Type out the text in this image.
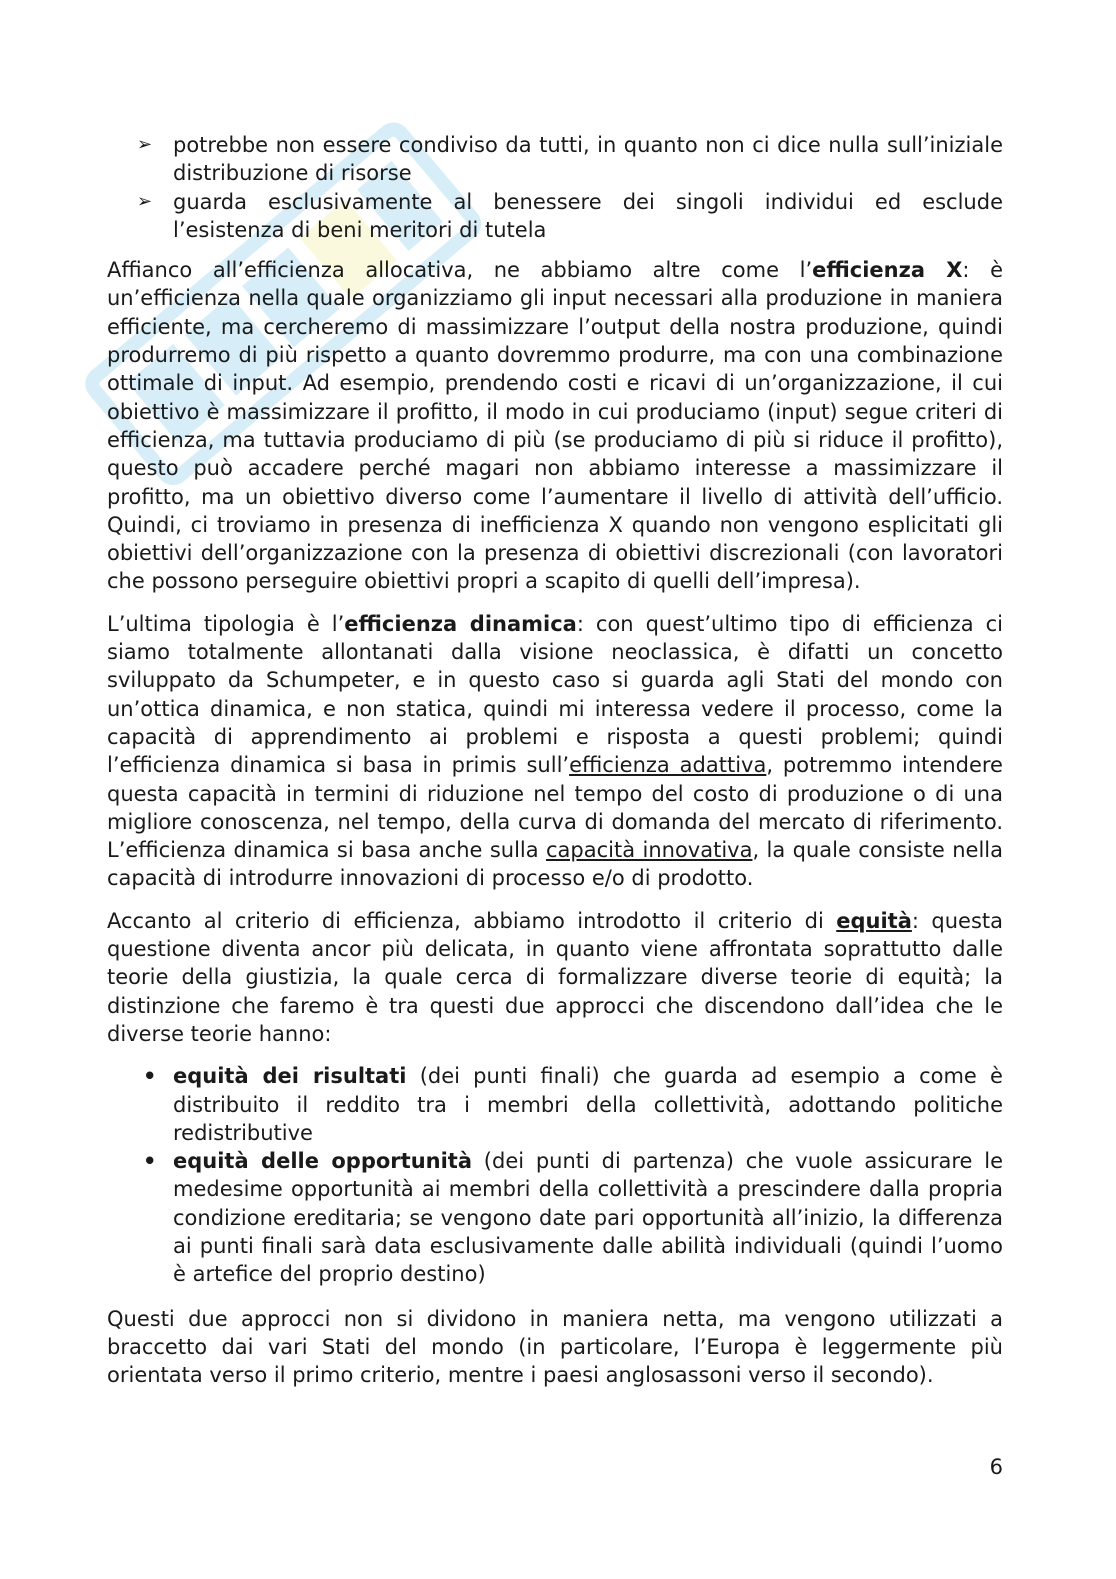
➢ potrebbe non essere condiviso da tutti, in quanto non ci dice nulla sull’iniziale distribuzione di risorse
➢ guarda esclusivamente al benessere dei singoli individui ed esclude l’esistenza di beni meritori di tutela

Affianco all’efficienza allocativa, ne abbiamo altre come l’efficienza X: è un’efficienza nella quale organizziamo gli input necessari alla produzione in maniera efficiente, ma cercheremo di massimizzare l’output della nostra produzione, quindi produrremo di più rispetto a quanto dovremmo produrre, ma con una combinazione ottimale di input. Ad esempio, prendendo costi e ricavi di un’organizzazione, il cui obiettivo è massimizzare il profitto, il modo in cui produciamo (input) segue criteri di efficienza, ma tuttavia produciamo di più (se produciamo di più si riduce il profitto), questo può accadere perché magari non abbiamo interesse a massimizzare il profitto, ma un obiettivo diverso come l’aumentare il livello di attività dell’ufficio. Quindi, ci troviamo in presenza di inefficienza X quando non vengono esplicitati gli obiettivi dell’organizzazione con la presenza di obiettivi discrezionali (con lavoratori che possono perseguire obiettivi propri a scapito di quelli dell’impresa).

L’ultima tipologia è l’efficienza dinamica: con quest’ultimo tipo di efficienza ci siamo totalmente allontanati dalla visione neoclassica, è difatti un concetto sviluppato da Schumpeter, e in questo caso si guarda agli Stati del mondo con un’ottica dinamica, e non statica, quindi mi interessa vedere il processo, come la capacità di apprendimento ai problemi e risposta a questi problemi; quindi l’efficienza dinamica si basa in primis sull’efficienza adattiva, potremmo intendere questa capacità in termini di riduzione nel tempo del costo di produzione o di una migliore conoscenza, nel tempo, della curva di domanda del mercato di riferimento. L’efficienza dinamica si basa anche sulla capacità innovativa, la quale consiste nella capacità di introdurre innovazioni di processo e/o di prodotto.

Accanto al criterio di efficienza, abbiamo introdotto il criterio di equità: questa questione diventa ancor più delicata, in quanto viene affrontata soprattutto dalle teorie della giustizia, la quale cerca di formalizzare diverse teorie di equità; la distinzione che faremo è tra questi due approcci che discendono dall’idea che le diverse teorie hanno:

• equità dei risultati (dei punti finali) che guarda ad esempio a come è distribuito il reddito tra i membri della collettività, adottando politiche redistributive
• equità delle opportunità (dei punti di partenza) che vuole assicurare le medesime opportunità ai membri della collettività a prescindere dalla propria condizione ereditaria; se vengono date pari opportunità all’inizio, la differenza ai punti finali sarà data esclusivamente dalle abilità individuali (quindi l’uomo è artefice del proprio destino)

Questi due approcci non si dividono in maniera netta, ma vengono utilizzati a braccetto dai vari Stati del mondo (in particolare, l’Europa è leggermente più orientata verso il primo criterio, mentre i paesi anglosassoni verso il secondo).

6
